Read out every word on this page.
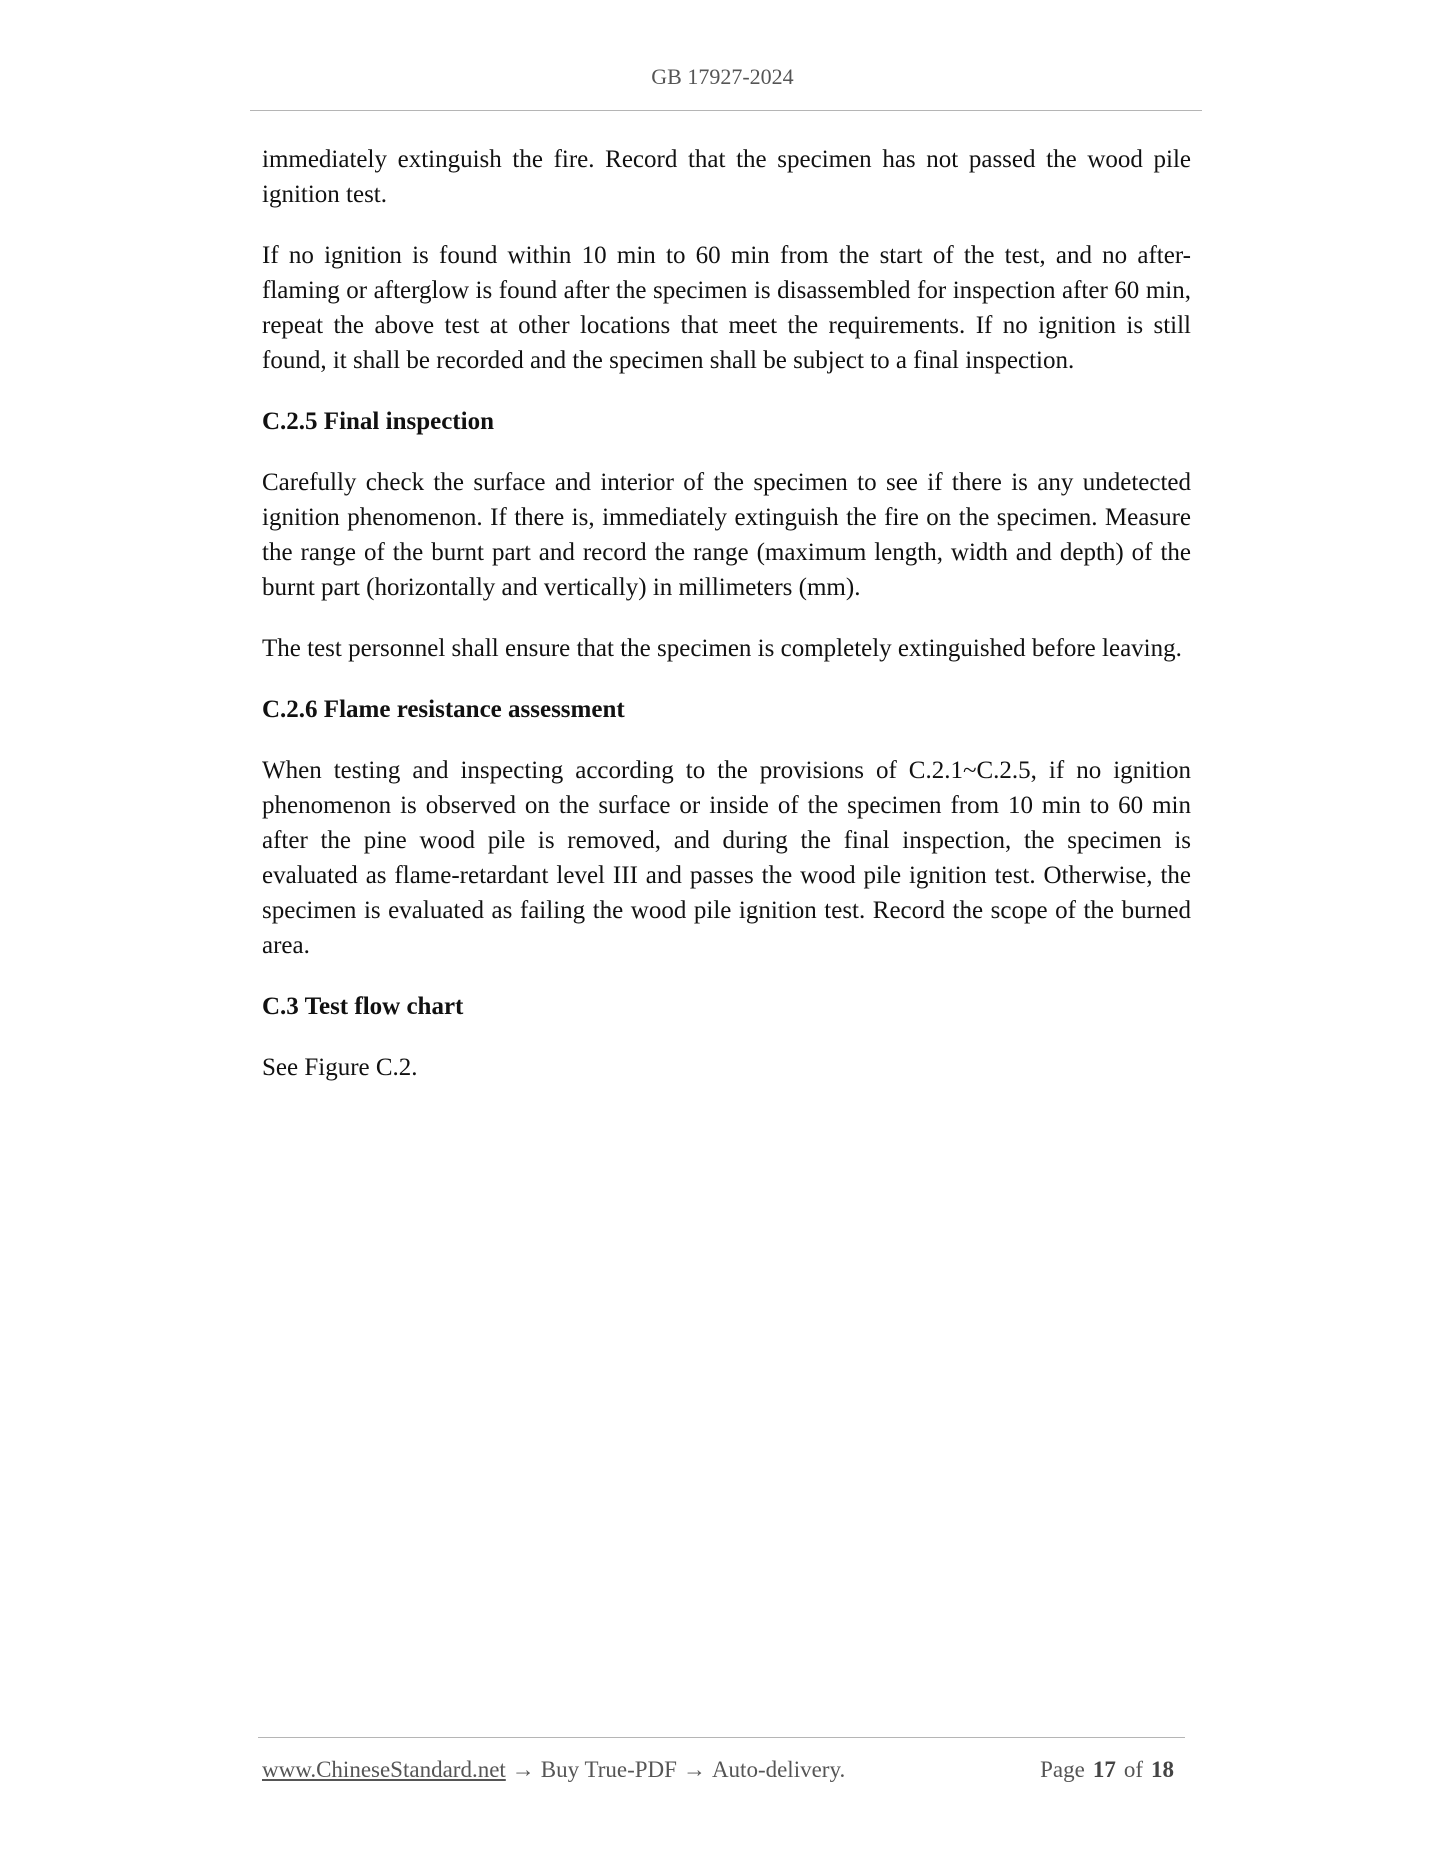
GB 17927-2024

immediately extinguish the fire. Record that the specimen has not passed the wood pile ignition test.

If no ignition is found within 10 min to 60 min from the start of the test, and no after-flaming or afterglow is found after the specimen is disassembled for inspection after 60 min, repeat the above test at other locations that meet the requirements. If no ignition is still found, it shall be recorded and the specimen shall be subject to a final inspection.

C.2.5 Final inspection

Carefully check the surface and interior of the specimen to see if there is any undetected ignition phenomenon. If there is, immediately extinguish the fire on the specimen. Measure the range of the burnt part and record the range (maximum length, width and depth) of the burnt part (horizontally and vertically) in millimeters (mm).

The test personnel shall ensure that the specimen is completely extinguished before leaving.

C.2.6 Flame resistance assessment

When testing and inspecting according to the provisions of C.2.1~C.2.5, if no ignition phenomenon is observed on the surface or inside of the specimen from 10 min to 60 min after the pine wood pile is removed, and during the final inspection, the specimen is evaluated as flame-retardant level III and passes the wood pile ignition test. Otherwise, the specimen is evaluated as failing the wood pile ignition test. Record the scope of the burned area.

C.3 Test flow chart

See Figure C.2.

www.ChineseStandard.net → Buy True-PDF → Auto-delivery.	Page 17 of 18
